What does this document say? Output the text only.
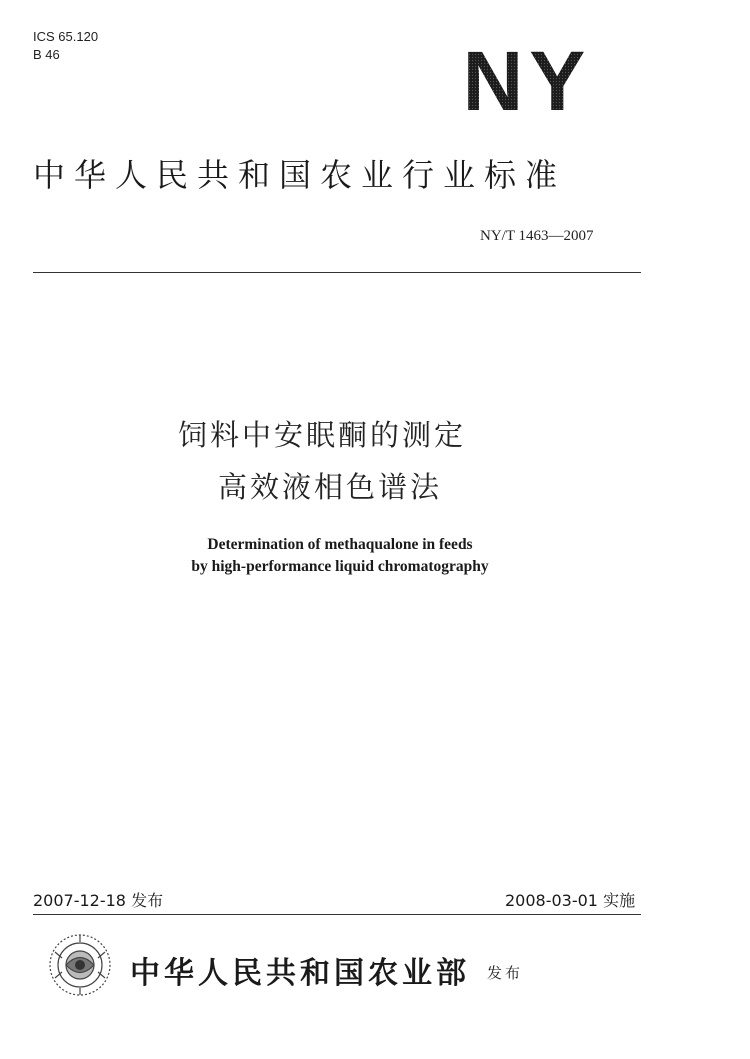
ICS 65.120
B 46	NY
中华人民共和国农业行业标准
NY/T 1463—2007
饲料中安眠酮的测定
高效液相色谱法
Determination of methaqualone in feeds
by high-performance liquid chromatography
2007-12-18 发布	2008-03-01 实施
中华人民共和国农业部 发布
